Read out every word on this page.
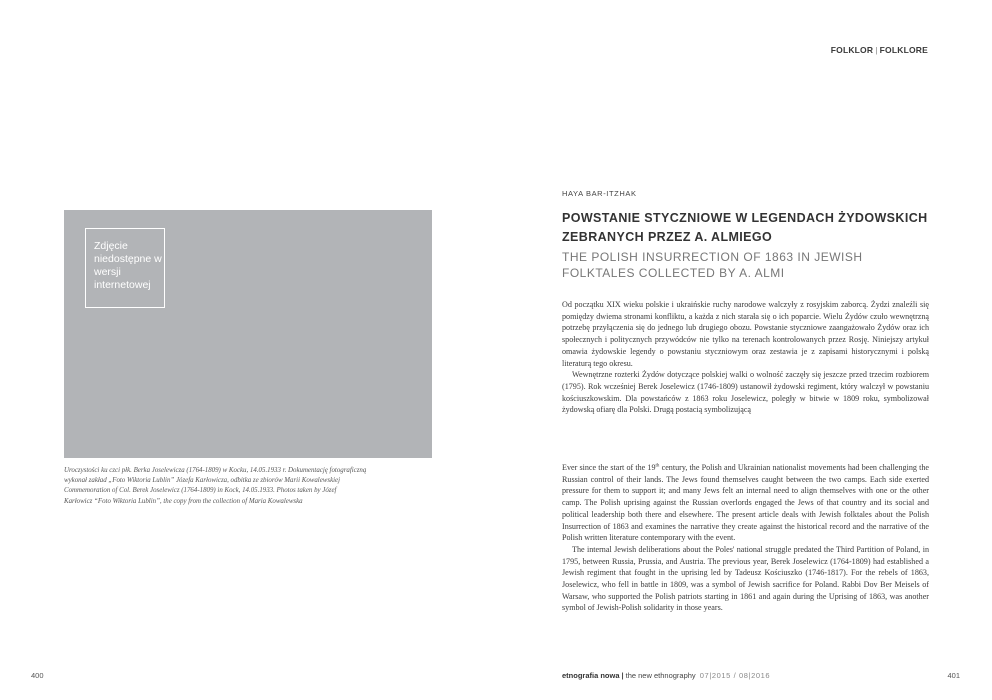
FOLKLOR | FOLKLORE
Zdjęcie niedostępne w wersji internetowej
Uroczystości ku czci płk. Berka Joselewicza (1764-1809) w Kocku, 14.05.1933 r. Dokumentację fotograficzną
wykonał zakład „Foto Wiktoria Lublin” Józefa Karłowicza, odbitka ze zbiorów Marii Kowalewskiej
Commemoration of Col. Berek Joselewicz (1764-1809) in Kock, 14.05.1933. Photos taken by Józef
Karłowicz “Foto Wiktoria Lublin”, the copy from the collection of Maria Kowalewska
HAYA BAR-ITZHAK
POWSTANIE STYCZNIOWE W LEGENDACH ŻYDOWSKICH ZEBRANYCH PRZEZ A. ALMIEGO
THE POLISH INSURRECTION OF 1863 IN JEWISH FOLKTALES COLLECTED BY A. ALMI

Od początku XIX wieku polskie i ukraińskie ruchy narodowe walczyły z rosyjskim zaborcą. Żydzi znaleźli się pomiędzy dwiema stronami konfliktu, a każda z nich starała się o ich poparcie. Wielu Żydów czuło wewnętrzną potrzebę przyłączenia się do jednego lub drugiego obozu. Powstanie styczniowe zaangażowało Żydów oraz ich społecznych i politycznych przywódców nie tylko na terenach kontrolowanych przez Rosję. Niniejszy artykuł omawia żydowskie legendy o powstaniu styczniowym oraz zestawia je z zapisami historycznymi i polską literaturą tego okresu.

Wewnętrzne rozterki Żydów dotyczące polskiej walki o wolność zaczęły się jeszcze przed trzecim rozbiorem (1795). Rok wcześniej Berek Joselewicz (1746-1809) ustanowił żydowski regiment, który walczył w powstaniu kościuszkowskim. Dla powstańców z 1863 roku Joselewicz, poległy w bitwie w 1809 roku, symbolizował żydowską ofiarę dla Polski. Drugą postacią symbolizującą

Ever since the start of the 19th century, the Polish and Ukrainian nationalist movements had been challenging the Russian control of their lands. The Jews found themselves caught between the two camps. Each side exerted pressure for them to support it; and many Jews felt an internal need to align themselves with one or the other camp. The Polish uprising against the Russian overlords engaged the Jews of that country and its social and political leadership both there and elsewhere. The present article deals with Jewish folktales about the Polish Insurrection of 1863 and examines the narrative they create against the historical record and the narrative of the Polish written literature contemporary with the event.

The internal Jewish deliberations about the Poles' national struggle predated the Third Partition of Poland, in 1795, between Russia, Prussia, and Austria. The previous year, Berek Joselewicz (1764-1809) had established a Jewish regiment that fought in the uprising led by Tadeusz Kościuszko (1746-1817). For the rebels of 1863, Joselewicz, who fell in battle in 1809, was a symbol of Jewish sacrifice for Poland. Rabbi Dov Ber Meisels of Warsaw, who supported the Polish patriots starting in 1861 and again during the Uprising of 1863, was another symbol of Jewish-Polish solidarity in those years.

400	401
etnografia nowa | the new ethnography 07|2015 / 08|2016
